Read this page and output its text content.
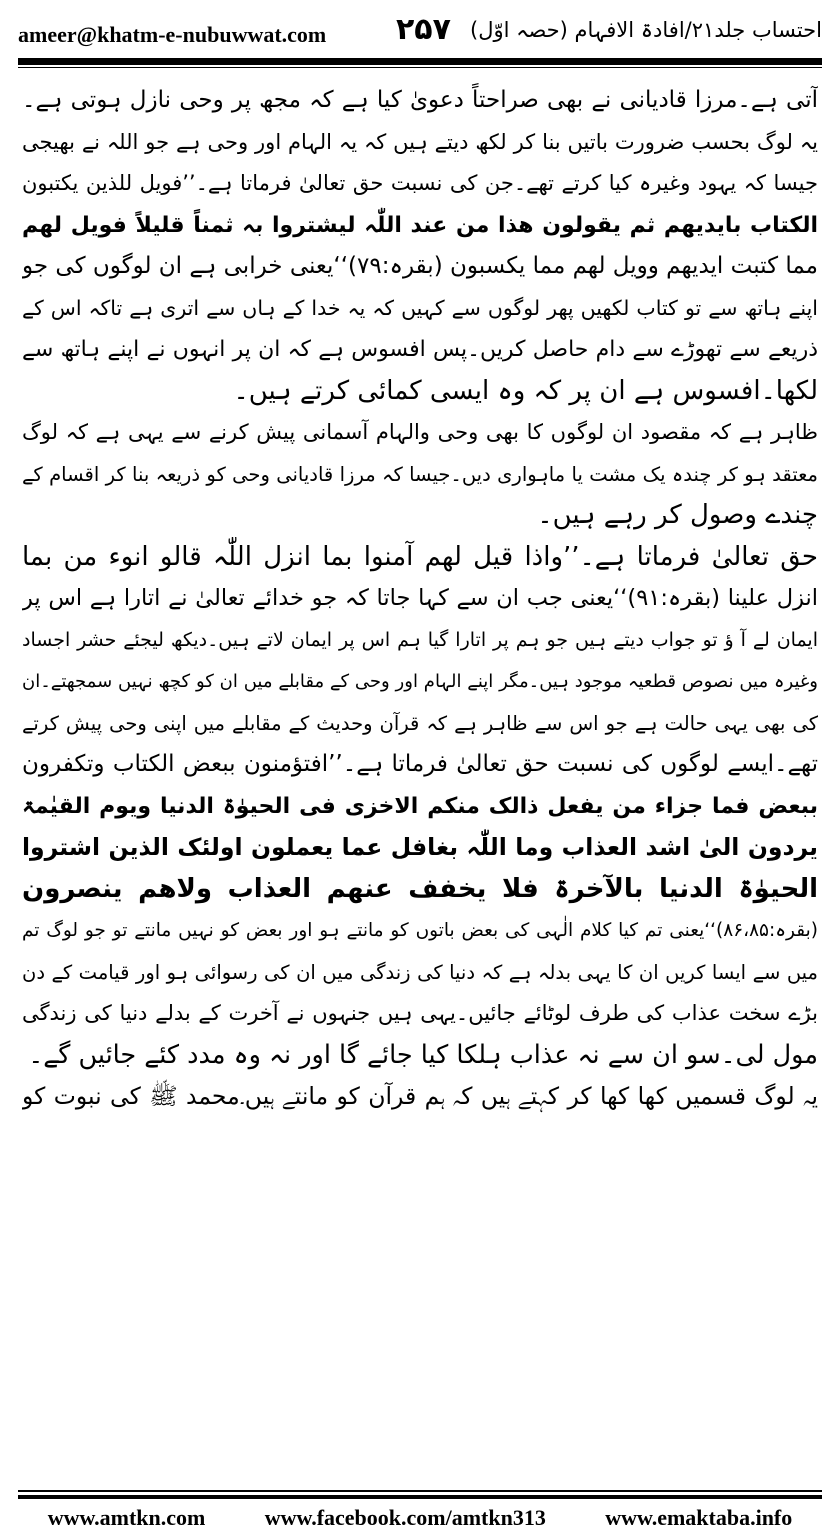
ameer@khatm-e-nubuwwat.com ۲۵۷ احتساب جلد۲۱/افادۃ الافہام (حصہ اوّل)
آتی ہے۔مرزا قادیانی نے بھی صراحتاً دعویٰ کیا ہے کہ مجھ پر وحی نازل ہوتی ہے۔
یہ لوگ بحسب ضرورت باتیں بنا کر لکھ دیتے ہیں کہ یہ الہام اور وحی ہے جو اللہ نے بھیجی
جیسا کہ یہود وغیرہ کیا کرتے تھے۔جن کی نسبت حق تعالیٰ فرماتا ہے۔’’فویل للذین یکتبون
الکتاب بایدیھم ثم یقولون ھذا من عند اللّٰہ لیشتروا بہ ثمناً قلیلاً فویل لھم
مما کتبت ایدیھم وویل لھم مما یکسبون (بقرہ:۷۹)‘‘یعنی خرابی ہے ان لوگوں کی جو
اپنے ہاتھ سے تو کتاب لکھیں پھر لوگوں سے کہیں کہ یہ خدا کے ہاں سے اتری ہے تاکہ اس کے
ذریعے سے تھوڑے سے دام حاصل کریں۔پس افسوس ہے کہ ان پر انہوں نے اپنے ہاتھ سے
لکھا۔افسوس ہے ان پر کہ وہ ایسی کمائی کرتے ہیں۔
ظاہر ہے کہ مقصود ان لوگوں کا بھی وحی والہام آسمانی پیش کرنے سے یہی ہے کہ لوگ
معتقد ہو کر چندہ یک مشت یا ماہواری دیں۔جیسا کہ مرزا قادیانی وحی کو ذریعہ بنا کر اقسام کے
چندے وصول کر رہے ہیں۔
حق تعالیٰ فرماتا ہے۔’’واذا قیل لھم آمنوا بما انزل اللّٰہ قالو انوء من بما
انزل علینا (بقرہ:۹۱)‘‘یعنی جب ان سے کہا جاتا کہ جو خدائے تعالیٰ نے اتارا ہے اس پر
ایمان لے آ ؤ تو جواب دیتے ہیں جو ہم پر اتارا گیا ہم اس پر ایمان لاتے ہیں۔دیکھ لیجئے حشر اجساد
وغیرہ میں نصوص قطعیہ موجود ہیں۔مگر اپنے الہام اور وحی کے مقابلے میں ان کو کچھ نہیں سمجھتے۔ان
کی بھی یہی حالت ہے جو اس سے ظاہر ہے کہ قرآن وحدیث کے مقابلے میں اپنی وحی پیش کرتے
تھے۔ایسے لوگوں کی نسبت حق تعالیٰ فرماتا ہے۔’’افتؤمنون ببعض الکتاب وتکفرون
ببعض فما جزاء من یفعل ذالک منکم الاخزی فی الحیوٰۃ الدنیا ویوم القیٰمۃ
یردون الیٰ اشد العذاب وما اللّٰہ بغافل عما یعملون اولئک الذین اشتروا
الحیوٰۃ الدنیا بالآخرۃ فلا یخفف عنھم العذاب ولاھم ینصرون
(بقرہ:۸۶،۸۵)‘‘یعنی تم کیا کلام الٰہی کی بعض باتوں کو مانتے ہو اور بعض کو نہیں مانتے تو جو لوگ تم
میں سے ایسا کریں ان کا یہی بدلہ ہے کہ دنیا کی زندگی میں ان کی رسوائی ہو اور قیامت کے دن
بڑے سخت عذاب کی طرف لوٹائے جائیں۔یہی ہیں جنہوں نے آخرت کے بدلے دنیا کی زندگی
مول لی۔سو ان سے نہ عذاب ہلکا کیا جائے گا اور نہ وہ مدد کئے جائیں گے۔
یہ لوگ قسمیں کھا کھا کر کہتے ہیں کہ ہم قرآن کو مانتے ہیں۔محمد ﷺ کی نبوت کو
www.amtkn.com	www.facebook.com/amtkn313	www.emaktaba.info
